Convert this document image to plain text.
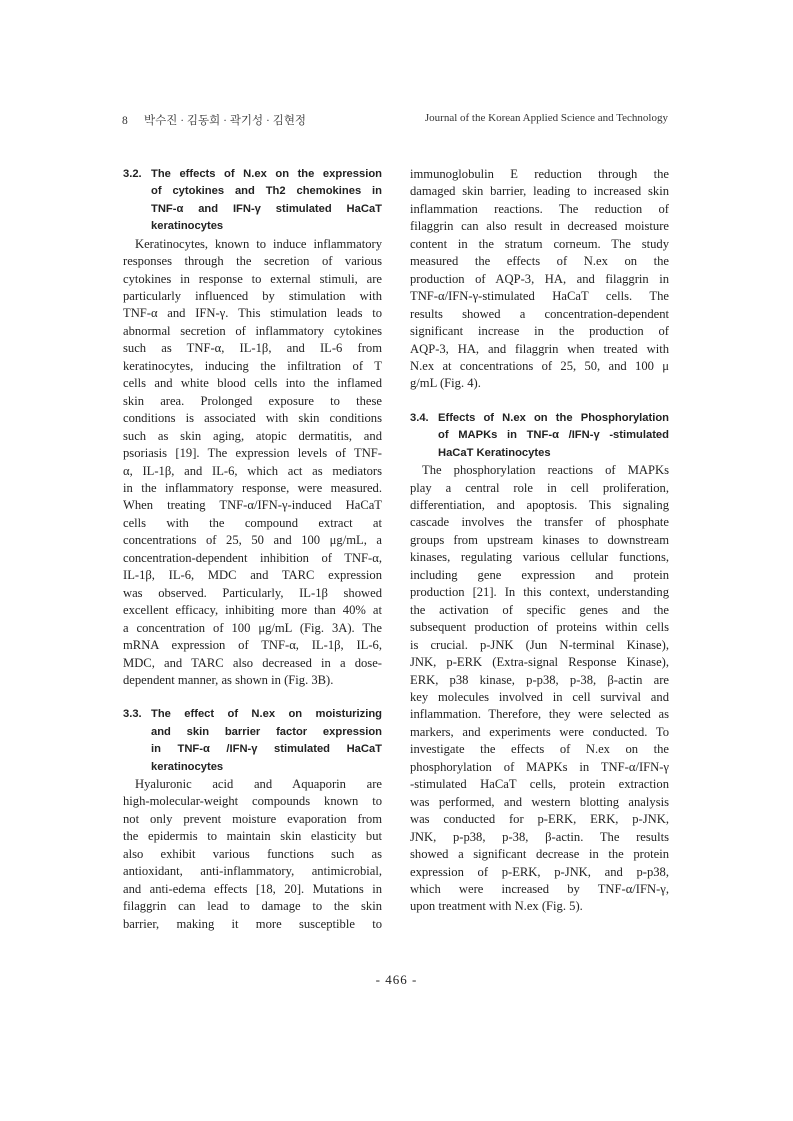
8 박수진 · 김동희 · 곽기성 · 김현정	Journal of the Korean Applied Science and Technology
3.2. The effects of N.ex on the expression
of cytokines and Th2 chemokines in
TNF-α and IFN-γ stimulated HaCaT
keratinocytes

Keratinocytes, known to induce inflammatory
responses through the secretion of various
cytokines in response to external stimuli, are
particularly influenced by stimulation with
TNF-α and IFN-γ. This stimulation leads to
abnormal secretion of inflammatory cytokines
such as TNF-α, IL-1β, and IL-6 from
keratinocytes, inducing the infiltration of T
cells and white blood cells into the inflamed
skin area. Prolonged exposure to these
conditions is associated with skin conditions
such as skin aging, atopic dermatitis, and
psoriasis [19]. The expression levels of TNF-
α, IL-1β, and IL-6, which act as mediators
in the inflammatory response, were measured.
When treating TNF-α/IFN-γ-induced HaCaT
cells with the compound extract at
concentrations of 25, 50 and 100 μg/mL, a
concentration-dependent inhibition of TNF-α,
IL-1β, IL-6, MDC and TARC expression
was observed. Particularly, IL-1β showed
excellent efficacy, inhibiting more than 40% at
a concentration of 100 μg/mL (Fig. 3A). The
mRNA expression of TNF-α, IL-1β, IL-6,
MDC, and TARC also decreased in a dose-
dependent manner, as shown in (Fig. 3B).

3.3. The effect of N.ex on moisturizing
and skin barrier factor expression
in TNF-α /IFN-γ stimulated HaCaT
keratinocytes

Hyaluronic acid and Aquaporin are
high-molecular-weight compounds known to
not only prevent moisture evaporation from
the epidermis to maintain skin elasticity but
also exhibit various functions such as
antioxidant, anti-inflammatory, antimicrobial,
and anti-edema effects [18, 20]. Mutations in
filaggrin can lead to damage to the skin
barrier, making it more susceptible to

immunoglobulin E reduction through the
damaged skin barrier, leading to increased skin
inflammation reactions. The reduction of
filaggrin can also result in decreased moisture
content in the stratum corneum. The study
measured the effects of N.ex on the
production of AQP-3, HA, and filaggrin in
TNF-α/IFN-γ-stimulated HaCaT cells. The
results showed a concentration-dependent
significant increase in the production of
AQP-3, HA, and filaggrin when treated with
N.ex at concentrations of 25, 50, and 100 μ
g/mL (Fig. 4).

3.4. Effects of N.ex on the Phosphorylation
of MAPKs in TNF-α /IFN-γ -stimulated
HaCaT Keratinocytes

The phosphorylation reactions of MAPKs
play a central role in cell proliferation,
differentiation, and apoptosis. This signaling
cascade involves the transfer of phosphate
groups from upstream kinases to downstream
kinases, regulating various cellular functions,
including gene expression and protein
production [21]. In this context, understanding
the activation of specific genes and the
subsequent production of proteins within cells
is crucial. p-JNK (Jun N-terminal Kinase),
JNK, p-ERK (Extra-signal Response Kinase),
ERK, p38 kinase, p-p38, p-38, β-actin are
key molecules involved in cell survival and
inflammation. Therefore, they were selected as
markers, and experiments were conducted. To
investigate the effects of N.ex on the
phosphorylation of MAPKs in TNF-α/IFN-γ
-stimulated HaCaT cells, protein extraction
was performed, and western blotting analysis
was conducted for p-ERK, ERK, p-JNK,
JNK, p-p38, p-38, β-actin. The results
showed a significant decrease in the protein
expression of p-ERK, p-JNK, and p-p38,
which were increased by TNF-α/IFN-γ,
upon treatment with N.ex (Fig. 5).

- 466 -
